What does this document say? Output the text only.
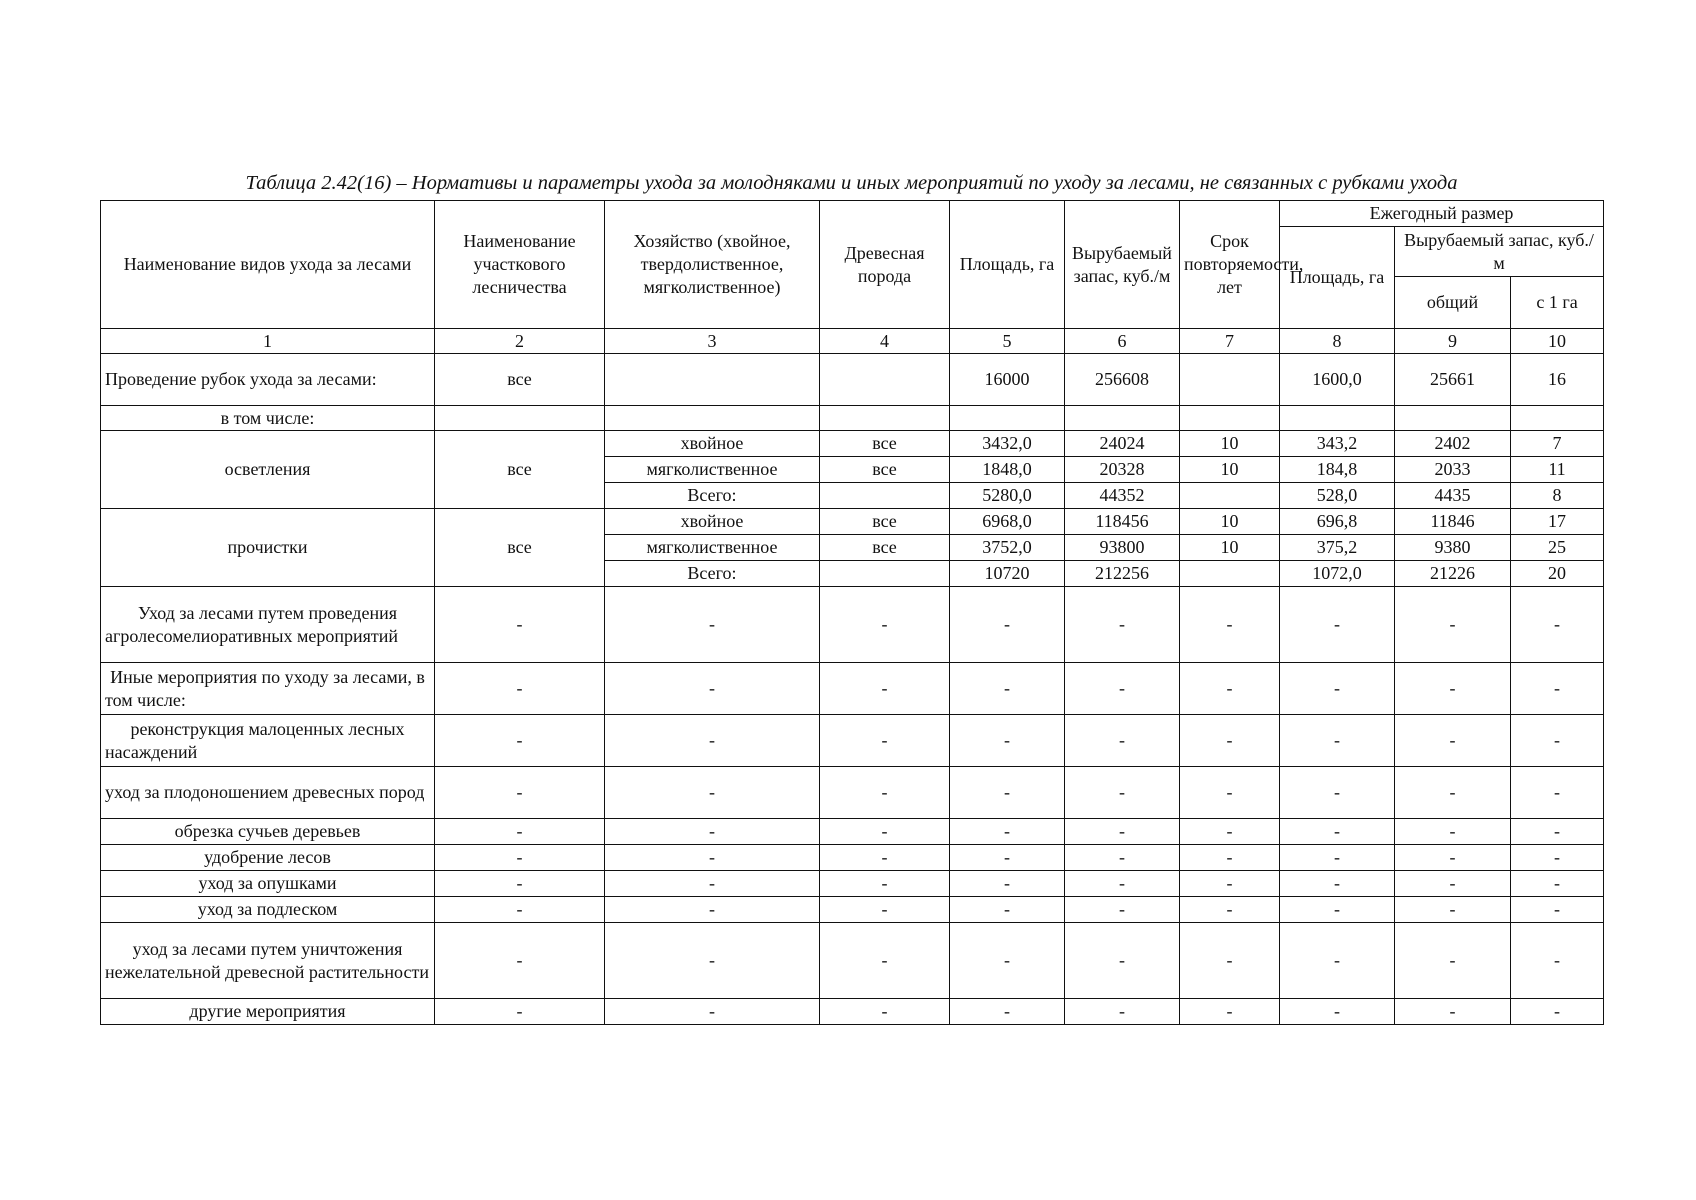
Таблица 2.42(16) – Нормативы и параметры ухода за молодняками и иных мероприятий по уходу за лесами, не связанных с рубками ухода
Наименование видов ухода за лесами	Наименование участкового лесничества	Хозяйство (хвойное, твердолиственное, мягколиственное)	Древесная порода	Площадь, га	Вырубаемый запас, куб./м	Срок повторяемости, лет	Ежегодный размер		
							Площадь, га	Вырубаемый запас, куб./м	
								общий	с 1 га
1	2	3	4	5	6	7	8	9	10
Проведение рубок ухода за лесами:	все			16000	256608		1600,0	25661	16
в том числе:									
осветления	все	хвойное	все	3432,0	24024	10	343,2	2402	7
		мягколиственное	все	1848,0	20328	10	184,8	2033	11
		Всего:		5280,0	44352		528,0	4435	8
прочистки	все	хвойное	все	6968,0	118456	10	696,8	11846	17
		мягколиственное	все	3752,0	93800	10	375,2	9380	25
		Всего:		10720	212256		1072,0	21226	20
Уход за лесами путем проведения агролесомелиоративных мероприятий	-	-	-	-	-	-	-	-	-
Иные мероприятия по уходу за лесами, в том числе:	-	-	-	-	-	-	-	-	-
реконструкция малоценных лесных насаждений	-	-	-	-	-	-	-	-	-
уход за плодоношением древесных пород	-	-	-	-	-	-	-	-	-
обрезка сучьев деревьев	-	-	-	-	-	-	-	-	-
удобрение лесов	-	-	-	-	-	-	-	-	-
уход за опушками	-	-	-	-	-	-	-	-	-
уход за подлеском	-	-	-	-	-	-	-	-	-
уход за лесами путем уничтожения нежелательной древесной растительности	-	-	-	-	-	-	-	-	-
другие мероприятия	-	-	-	-	-	-	-	-	-
